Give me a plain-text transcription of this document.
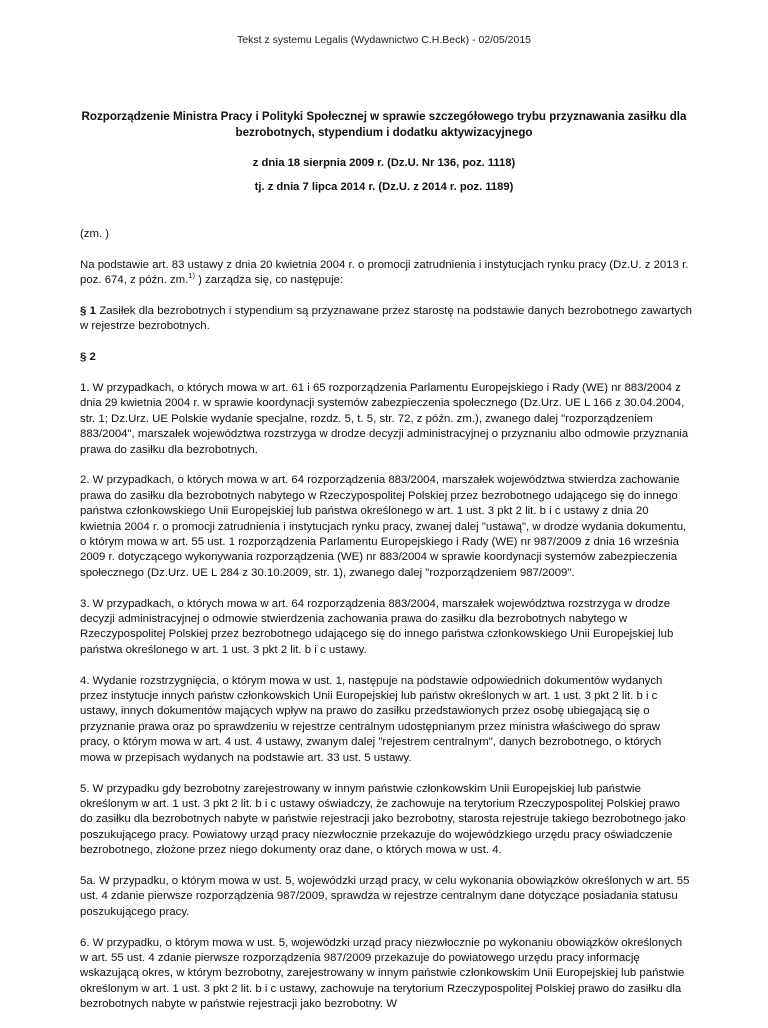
Tekst z systemu Legalis (Wydawnictwo C.H.Beck) - 02/05/2015
Rozporządzenie Ministra Pracy i Polityki Społecznej w sprawie szczegółowego trybu przyznawania zasiłku dla bezrobotnych, stypendium i dodatku aktywizacyjnego
z dnia 18 sierpnia 2009 r. (Dz.U. Nr 136, poz. 1118)
tj. z dnia 7 lipca 2014 r. (Dz.U. z 2014 r. poz. 1189)

(zm. )

Na podstawie art. 83 ustawy z dnia 20 kwietnia 2004 r. o promocji zatrudnienia i instytucjach rynku pracy (Dz.U. z 2013 r. poz. 674, z późn. zm.$^{1)}$ ) zarządza się, co następuje:

§ 1 Zasiłek dla bezrobotnych i stypendium są przyznawane przez starostę na podstawie danych bezrobotnego zawartych w rejestrze bezrobotnych.

§ 2

1. W przypadkach, o których mowa w art. 61 i 65 rozporządzenia Parlamentu Europejskiego i Rady (WE) nr 883/2004 z dnia 29 kwietnia 2004 r. w sprawie koordynacji systemów zabezpieczenia społecznego (Dz.Urz. UE L 166 z 30.04.2004, str. 1; Dz.Urz. UE Polskie wydanie specjalne, rozdz. 5, t. 5, str. 72, z późn. zm.), zwanego dalej "rozporządzeniem 883/2004", marszałek województwa rozstrzyga w drodze decyzji administracyjnej o przyznaniu albo odmowie przyznania prawa do zasiłku dla bezrobotnych.

2. W przypadkach, o których mowa w art. 64 rozporządzenia 883/2004, marszałek województwa stwierdza zachowanie prawa do zasiłku dla bezrobotnych nabytego w Rzeczypospolitej Polskiej przez bezrobotnego udającego się do innego państwa członkowskiego Unii Europejskiej lub państwa określonego w art. 1 ust. 3 pkt 2 lit. b i c ustawy z dnia 20 kwietnia 2004 r. o promocji zatrudnienia i instytucjach rynku pracy, zwanej dalej "ustawą", w drodze wydania dokumentu, o którym mowa w art. 55 ust. 1 rozporządzenia Parlamentu Europejskiego i Rady (WE) nr 987/2009 z dnia 16 września 2009 r. dotyczącego wykonywania rozporządzenia (WE) nr 883/2004 w sprawie koordynacji systemów zabezpieczenia społecznego (Dz.Urz. UE L 284 z 30.10.2009, str. 1), zwanego dalej "rozporządzeniem 987/2009".

3. W przypadkach, o których mowa w art. 64 rozporządzenia 883/2004, marszałek województwa rozstrzyga w drodze decyzji administracyjnej o odmowie stwierdzenia zachowania prawa do zasiłku dla bezrobotnych nabytego w Rzeczypospolitej Polskiej przez bezrobotnego udającego się do innego państwa członkowskiego Unii Europejskiej lub państwa określonego w art. 1 ust. 3 pkt 2 lit. b i c ustawy.

4. Wydanie rozstrzygnięcia, o którym mowa w ust. 1, następuje na podstawie odpowiednich dokumentów wydanych przez instytucje innych państw członkowskich Unii Europejskiej lub państw określonych w art. 1 ust. 3 pkt 2 lit. b i c ustawy, innych dokumentów mających wpływ na prawo do zasiłku przedstawionych przez osobę ubiegającą się o przyznanie prawa oraz po sprawdzeniu w rejestrze centralnym udostępnianym przez ministra właściwego do spraw pracy, o którym mowa w art. 4 ust. 4 ustawy, zwanym dalej "rejestrem centralnym", danych bezrobotnego, o których mowa w przepisach wydanych na podstawie art. 33 ust. 5 ustawy.

5. W przypadku gdy bezrobotny zarejestrowany w innym państwie członkowskim Unii Europejskiej lub państwie określonym w art. 1 ust. 3 pkt 2 lit. b i c ustawy oświadczy, że zachowuje na terytorium Rzeczypospolitej Polskiej prawo do zasiłku dla bezrobotnych nabyte w państwie rejestracji jako bezrobotny, starosta rejestruje takiego bezrobotnego jako poszukującego pracy. Powiatowy urząd pracy niezwłocznie przekazuje do wojewódzkiego urzędu pracy oświadczenie bezrobotnego, złożone przez niego dokumenty oraz dane, o których mowa w ust. 4.

5a. W przypadku, o którym mowa w ust. 5, wojewódzki urząd pracy, w celu wykonania obowiązków określonych w art. 55 ust. 4 zdanie pierwsze rozporządzenia 987/2009, sprawdza w rejestrze centralnym dane dotyczące posiadania statusu poszukującego pracy.

6. W przypadku, o którym mowa w ust. 5, wojewódzki urząd pracy niezwłocznie po wykonaniu obowiązków określonych w art. 55 ust. 4 zdanie pierwsze rozporządzenia 987/2009 przekazuje do powiatowego urzędu pracy informację wskazującą okres, w którym bezrobotny, zarejestrowany w innym państwie członkowskim Unii Europejskiej lub państwie określonym w art. 1 ust. 3 pkt 2 lit. b i c ustawy, zachowuje na terytorium Rzeczypospolitej Polskiej prawo do zasiłku dla bezrobotnych nabyte w państwie rejestracji jako bezrobotny. W
